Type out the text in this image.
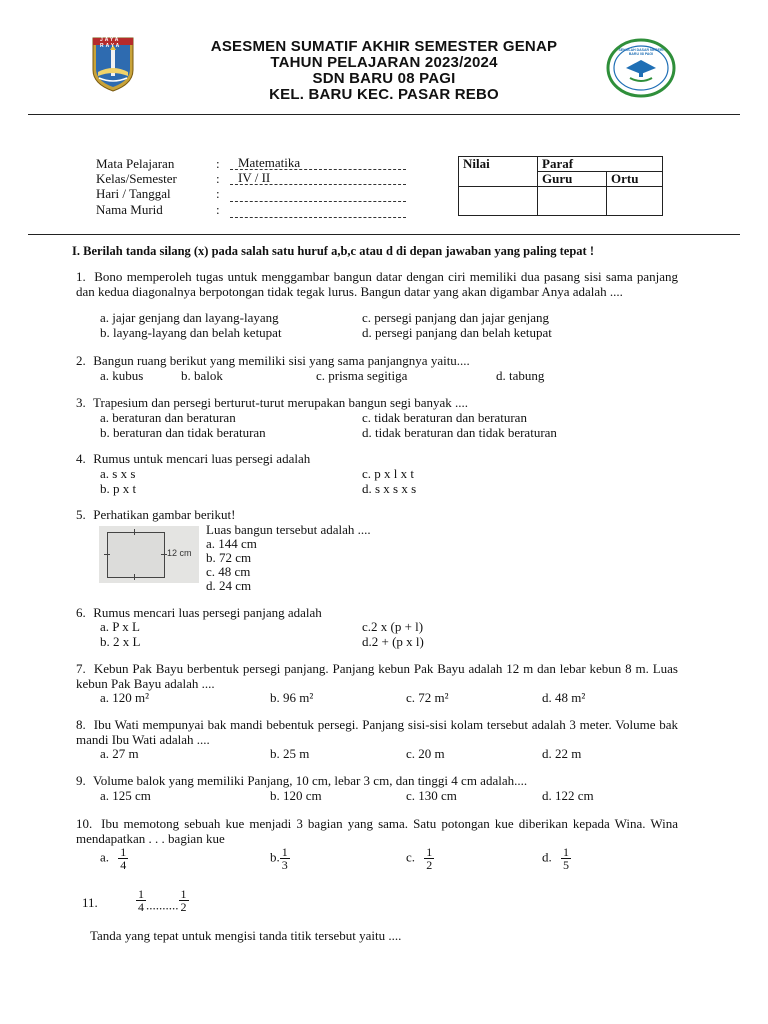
JAYA RAYA
SEKOLAH DASAR NEGERI BARU 08 PAGI
ASESMEN SUMATIF AKHIR SEMESTER GENAP
TAHUN PELAJARAN 2023/2024
SDN BARU 08 PAGI
KEL. BARU KEC. PASAR REBO
Mata Pelajaran	:	Matematika
Kelas/Semester	:	IV / II
Hari / Tanggal	:
Nama Murid	:
Nilai	Paraf	
	Guru	Ortu

I. Berilah tanda silang (x) pada salah satu huruf a,b,c atau d di depan jawaban yang paling tepat !
1. Bono memperoleh tugas untuk menggambar bangun datar dengan ciri memiliki dua pasang sisi sama panjang dan kedua diagonalnya berpotongan tidak tegak lurus. Bangun datar yang akan digambar Anya adalah ....
a. jajar genjang dan layang-layang	c. persegi panjang dan jajar genjang
b. layang-layang dan belah ketupat	d. persegi panjang dan belah ketupat
2. Bangun ruang berikut yang memiliki sisi yang sama panjangnya yaitu....
a. kubus	b. balok	c. prisma segitiga	d. tabung
3. Trapesium dan persegi berturut-turut merupakan bangun segi banyak ....
a. beraturan dan beraturan	c. tidak beraturan dan beraturan
b. beraturan dan tidak beraturan	d. tidak beraturan dan tidak beraturan
4. Rumus untuk mencari luas persegi adalah
a. s x s	c. p x l x t
b. p x t	d. s x s x s
5. Perhatikan gambar berikut!
12 cm
Luas bangun tersebut adalah ....
a. 144 cm
b. 72 cm
c. 48 cm
d. 24 cm
6. Rumus mencari luas persegi panjang adalah
a. P x L	c.2 x (p + l)
b. 2 x L	d.2 + (p x l)
7. Kebun Pak Bayu berbentuk persegi panjang. Panjang kebun Pak Bayu adalah 12 m dan lebar kebun 8 m. Luas kebun Pak Bayu adalah ....
a. 120 m²	b. 96 m²	c. 72 m²	d. 48 m²
8. Ibu Wati mempunyai bak mandi bebentuk persegi. Panjang sisi-sisi kolam tersebut adalah 3 meter. Volume bak mandi Ibu Wati adalah ....
a. 27 m	b. 25 m	c. 20 m	d. 22 m
9. Volume balok yang memiliki Panjang, 10 cm, lebar 3 cm, dan tinggi 4 cm adalah....
a. 125 cm	b. 120 cm	c. 130 cm	d. 122 cm
10. Ibu memotong sebuah kue menjadi 3 bagian yang sama. Satu potongan kue diberikan kepada Wina. Wina mendapatkan . . . bagian kue
a. $\frac{1}{4}$	b. $\frac{1}{3}$	c. $\frac{1}{2}$	d. $\frac{1}{5}$
11.	$\frac{1}{4}$ .......... $\frac{1}{2}$
Tanda yang tepat untuk mengisi tanda titik tersebut yaitu ....
